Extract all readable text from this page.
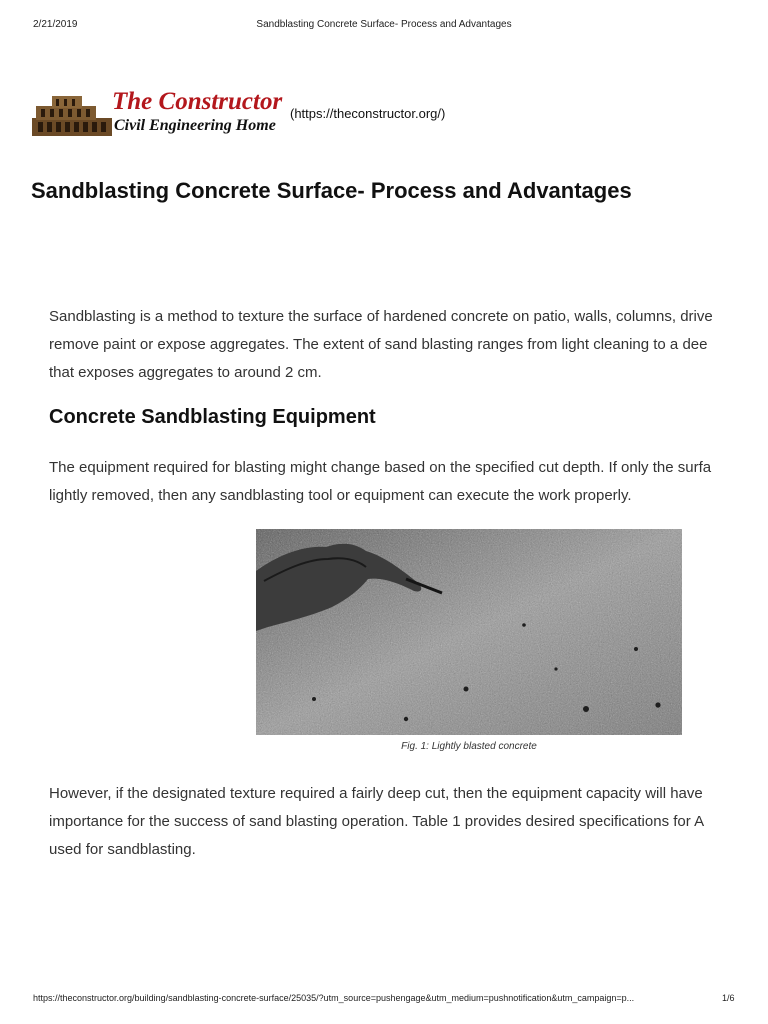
2/21/2019	Sandblasting Concrete Surface- Process and Advantages
The Constructor
Civil Engineering Home
(https://theconstructor.org/)
Sandblasting Concrete Surface- Process and Advantages

Sandblasting is a method to texture the surface of hardened concrete on patio, walls, columns, drive
remove paint or expose aggregates. The extent of sand blasting ranges from light cleaning to a dee
that exposes aggregates to around 2 cm.

Concrete Sandblasting Equipment

The equipment required for blasting might change based on the specified cut depth. If only the surfa
lightly removed, then any sandblasting tool or equipment can execute the work properly.

Fig. 1: Lightly blasted concrete

However, if the designated texture required a fairly deep cut, then the equipment capacity will have
importance for the success of sand blasting operation. Table 1 provides desired specifications for A
used for sandblasting.

https://theconstructor.org/building/sandblasting-concrete-surface/25035/?utm_source=pushengage&utm_medium=pushnotification&utm_campaign=p...	1/6
